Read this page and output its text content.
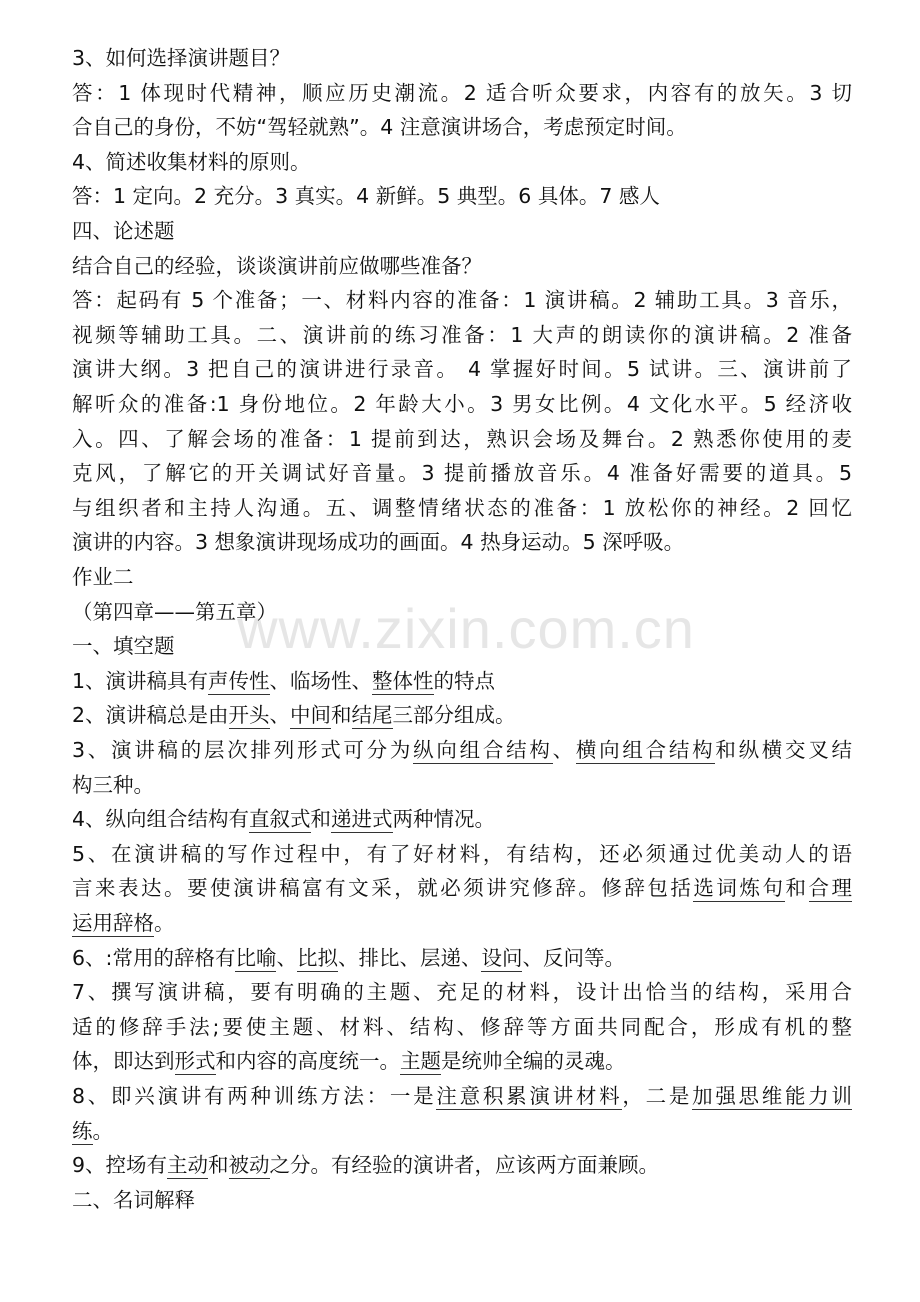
www.zixin.com.cn
3、如何选择演讲题目？
答：1 体现时代精神，顺应历史潮流。2 适合听众要求，内容有的放矢。3 切
合自己的身份，不妨“驾轻就熟”。4 注意演讲场合，考虑预定时间。
4、简述收集材料的原则。
答：1 定向。2 充分。3 真实。4 新鲜。5 典型。6 具体。7 感人
四、论述题
结合自己的经验，谈谈演讲前应做哪些准备？
答：起码有 5 个准备；一、材料内容的准备：1 演讲稿。2 辅助工具。3 音乐，
视频等辅助工具。二、演讲前的练习准备：1 大声的朗读你的演讲稿。2 准备
演讲大纲。3 把自己的演讲进行录音。 4 掌握好时间。5 试讲。三、演讲前了
解听众的准备:1 身份地位。2 年龄大小。3 男女比例。4 文化水平。5 经济收
入。四、了解会场的准备：1 提前到达，熟识会场及舞台。2 熟悉你使用的麦
克风，了解它的开关调试好音量。3 提前播放音乐。4 准备好需要的道具。5
与组织者和主持人沟通。五、调整情绪状态的准备：1 放松你的神经。2 回忆
演讲的内容。3 想象演讲现场成功的画面。4 热身运动。5 深呼吸。
作业二
（第四章——第五章）
一、填空题
1、演讲稿具有声传性、临场性、整体性的特点
2、演讲稿总是由开头、中间和结尾三部分组成。
3、演讲稿的层次排列形式可分为纵向组合结构、横向组合结构和纵横交叉结
构三种。
4、纵向组合结构有直叙式和递进式两种情况。
5、在演讲稿的写作过程中，有了好材料，有结构，还必须通过优美动人的语
言来表达。要使演讲稿富有文采，就必须讲究修辞。修辞包括选词炼句和合理
运用辞格。
6、:常用的辞格有比喻、比拟、排比、层递、设问、反问等。
7、撰写演讲稿，要有明确的主题、充足的材料，设计出恰当的结构，采用合
适的修辞手法;要使主题、材料、结构、修辞等方面共同配合，形成有机的整
体，即达到形式和内容的高度统一。主题是统帅全编的灵魂。
8、即兴演讲有两种训练方法：一是注意积累演讲材料，二是加强思维能力训
练。
9、控场有主动和被动之分。有经验的演讲者，应该两方面兼顾。
二、名词解释
